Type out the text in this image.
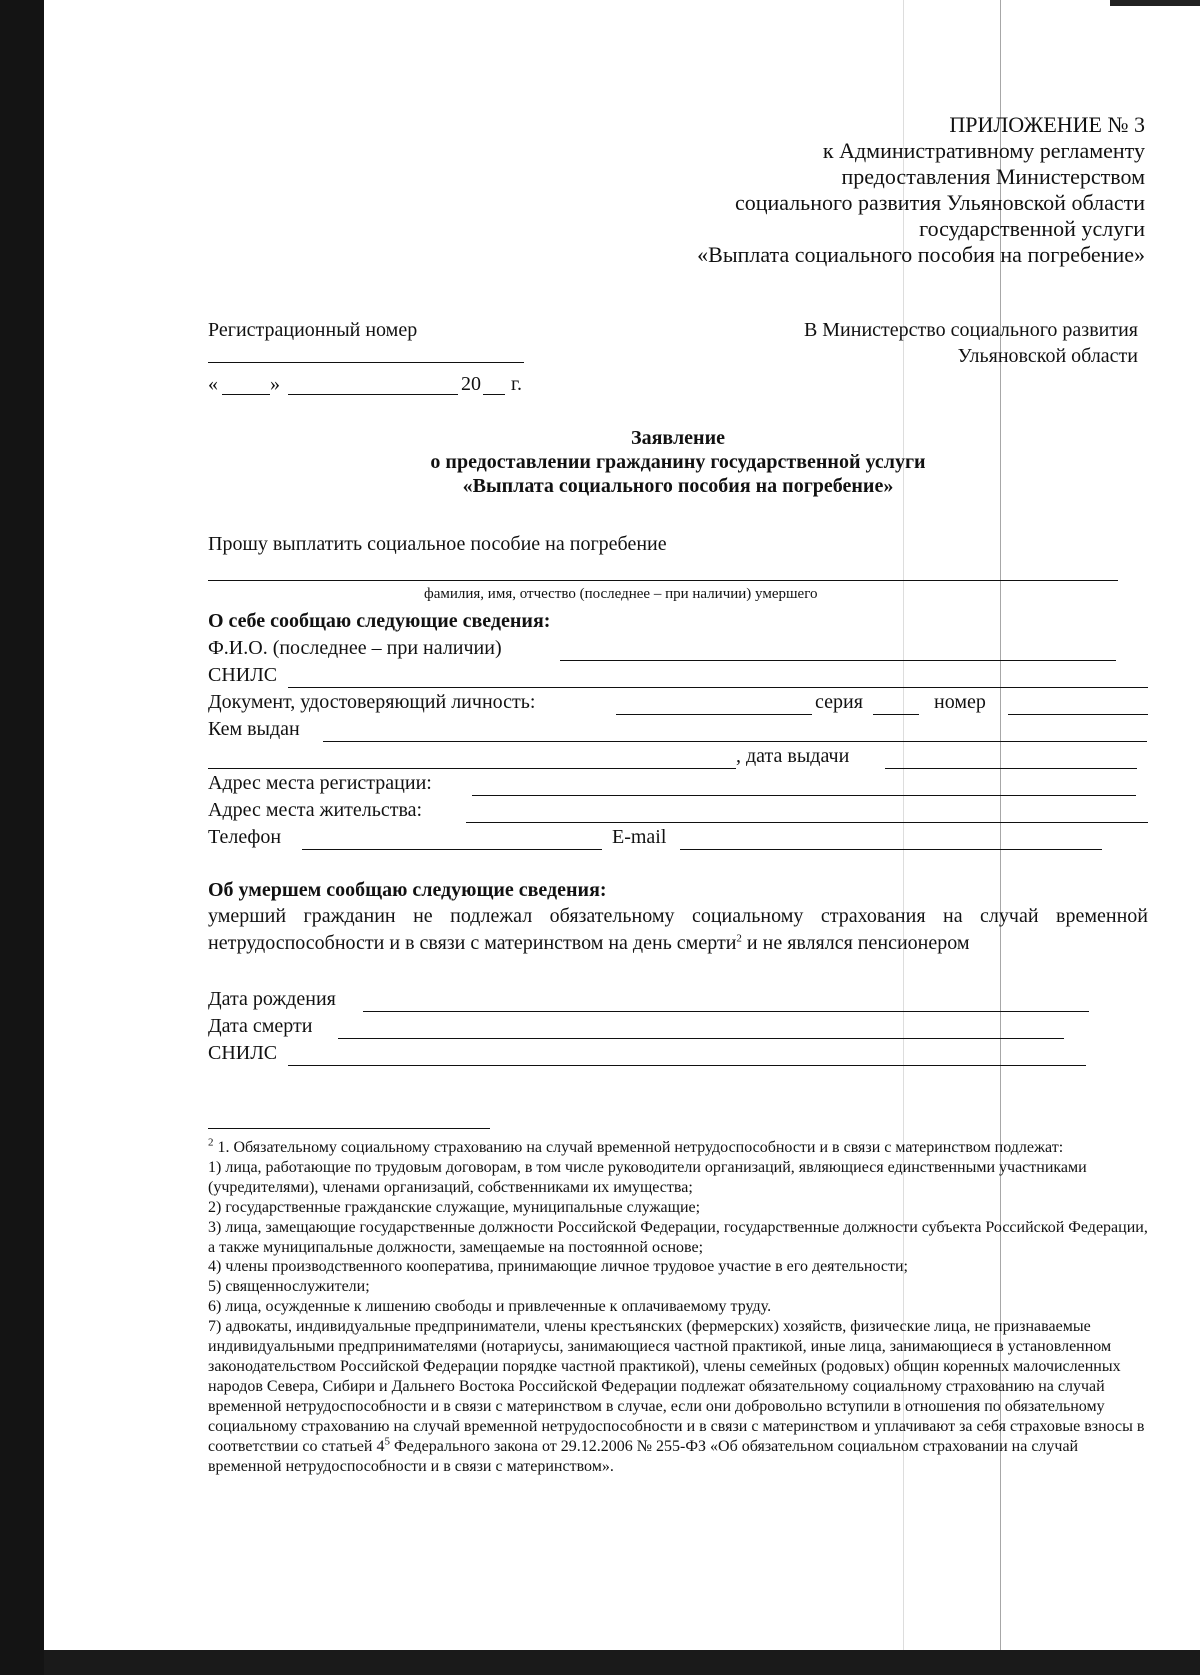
ПРИЛОЖЕНИЕ № 3
к Административному регламенту
предоставления Министерством
социального развития Ульяновской области
государственной услуги
«Выплата социального пособия на погребение»
Регистрационный номер
«	»	20 г.
В Министерство социального развития
Ульяновской области
Заявление
о предоставлении гражданину государственной услуги
«Выплата социального пособия на погребение»
Прошу выплатить социальное пособие на погребение
фамилия, имя, отчество (последнее – при наличии) умершего
О себе сообщаю следующие сведения:
Ф.И.О. (последнее – при наличии)
СНИЛС
Документ, удостоверяющий личность:	серия	номер
Кем выдан
, дата выдачи
Адрес места регистрации:
Адрес места жительства:
Телефон	E-mail
Об умершем сообщаю следующие сведения:
умерший гражданин не подлежал обязательному социальному страхования на случай временной нетрудоспособности и в связи с материнством на день смерти$^2$ и не являлся пенсионером
Дата рождения
Дата смерти
СНИЛС
$^2$ 1. Обязательному социальному страхованию на случай временной нетрудоспособности и в связи с материнством подлежат:
1) лица, работающие по трудовым договорам, в том числе руководители организаций, являющиеся единственными участниками (учредителями), членами организаций, собственниками их имущества;
2) государственные гражданские служащие, муниципальные служащие;
3) лица, замещающие государственные должности Российской Федерации, государственные должности субъекта Российской Федерации, а также муниципальные должности, замещаемые на постоянной основе;
4) члены производственного кооператива, принимающие личное трудовое участие в его деятельности;
5) священнослужители;
6) лица, осужденные к лишению свободы и привлеченные к оплачиваемому труду.
7) адвокаты, индивидуальные предприниматели, члены крестьянских (фермерских) хозяйств, физические лица, не признаваемые индивидуальными предпринимателями (нотариусы, занимающиеся частной практикой, иные лица, занимающиеся в установленном законодательством Российской Федерации порядке частной практикой), члены семейных (родовых) общин коренных малочисленных народов Севера, Сибири и Дальнего Востока Российской Федерации подлежат обязательному социальному страхованию на случай временной нетрудоспособности и в связи с материнством в случае, если они добровольно вступили в отношения по обязательному социальному страхованию на случай временной нетрудоспособности и в связи с материнством и уплачивают за себя страховые взносы в соответствии со статьей $4^5$ Федерального закона от 29.12.2006 № 255-ФЗ «Об обязательном социальном страховании на случай временной нетрудоспособности и в связи с материнством».
